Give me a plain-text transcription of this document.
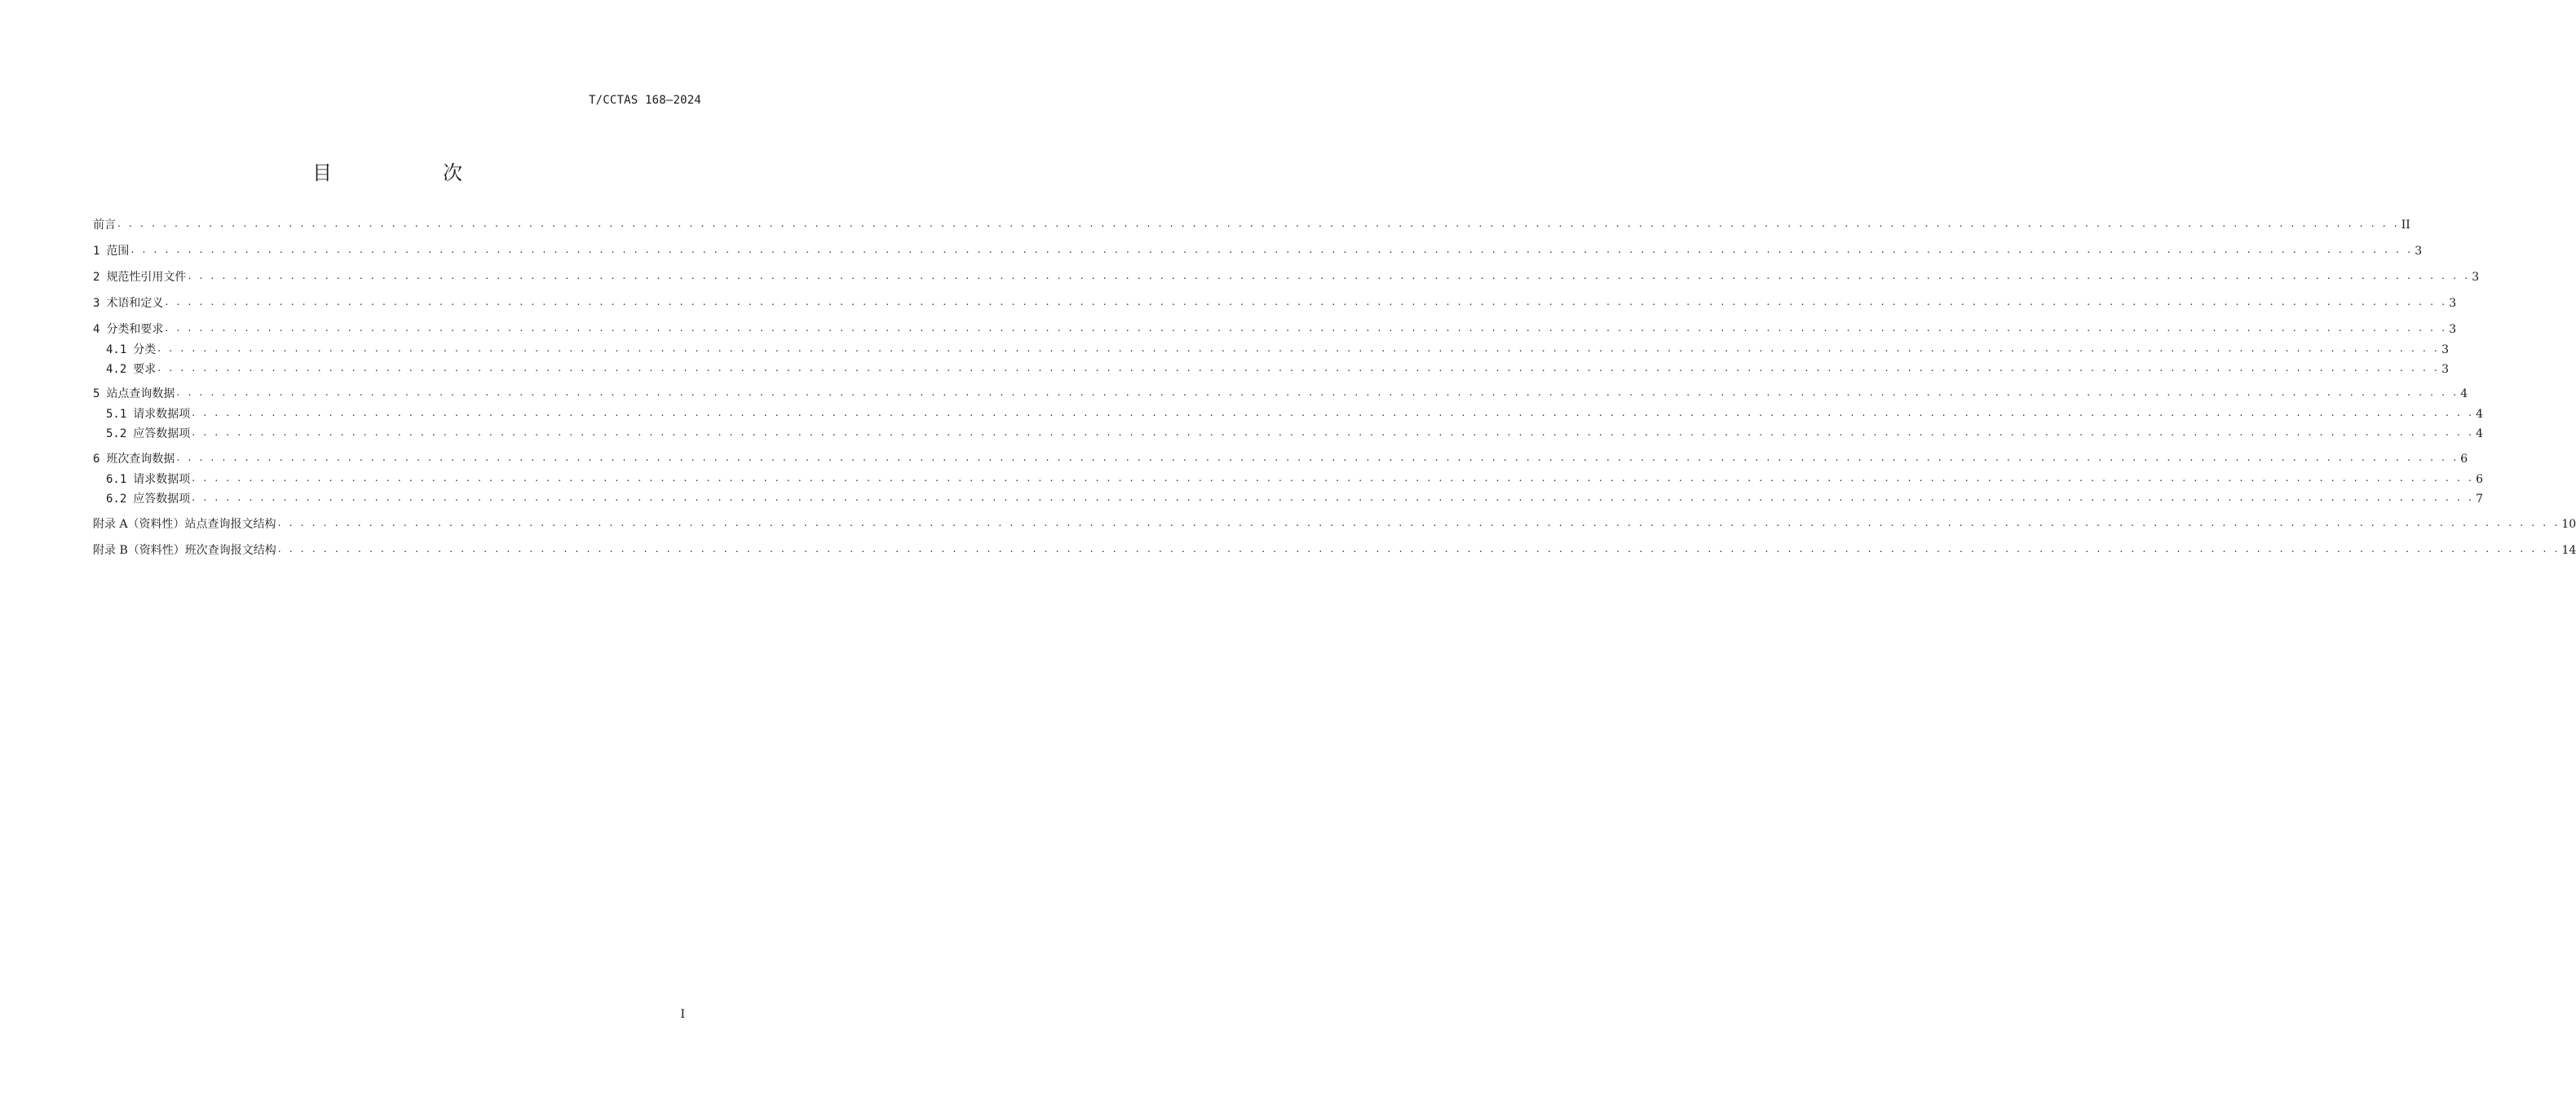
T/CCTAS 168—2024
目　次
前言 . . . . . . . . . . . . . . . . . . . . . . . . . . . . . . . . . . . . . . . . . . . . . . . . . . . . . . . . . . . . . . . . . . . . . . . . . . . . . . . . . . . . . . . . . . . . . . . . . . . . . . . . . . . . . . . . . . . . . . . . . . . . . . . . . . . . . . . . . . . . . . . . . . . . . . . . . . . . . . . . . . . . . . . . . . . . . . . . . . . . . . . . . . . . . . . . . . . . . . . . II
1 范围 . . . . . . . . . . . . . . . . . . . . . . . . . . . . . . . . . . . . . . . . . . . . . . . . . . . . . . . . . . . . . . . . . . . . . . . . . . . . . . . . . . . . . . . . . . . . . . . . . . . . . . . . . . . . . . . . . . . . . . . . . . . . . . . . . . . . . . . . . . . . . . . . . . . . . . . . . . . . . . . . . . . . . . . . . . . . . . . . . . . . . . . . . . . . . . . . . . . . . . . . 3
2 规范性引用文件 . . . . . . . . . . . . . . . . . . . . . . . . . . . . . . . . . . . . . . . . . . . . . . . . . . . . . . . . . . . . . . . . . . . . . . . . . . . . . . . . . . . . . . . . . . . . . . . . . . . . . . . . . . . . . . . . . . . . . . . . . . . . . . . . . . . . . . . . . . . . . . . . . . . . . . . . . . . . . . . . . . . . . . . . . . . . . . . . . . . . . . . . . . . . . . . . . . . . . . . . 3
3 术语和定义 . . . . . . . . . . . . . . . . . . . . . . . . . . . . . . . . . . . . . . . . . . . . . . . . . . . . . . . . . . . . . . . . . . . . . . . . . . . . . . . . . . . . . . . . . . . . . . . . . . . . . . . . . . . . . . . . . . . . . . . . . . . . . . . . . . . . . . . . . . . . . . . . . . . . . . . . . . . . . . . . . . . . . . . . . . . . . . . . . . . . . . . . . . . . . . . . . . . . . . . . 3
4 分类和要求 . . . . . . . . . . . . . . . . . . . . . . . . . . . . . . . . . . . . . . . . . . . . . . . . . . . . . . . . . . . . . . . . . . . . . . . . . . . . . . . . . . . . . . . . . . . . . . . . . . . . . . . . . . . . . . . . . . . . . . . . . . . . . . . . . . . . . . . . . . . . . . . . . . . . . . . . . . . . . . . . . . . . . . . . . . . . . . . . . . . . . . . . . . . . . . . . . . . . . . . . 3
4.1 分类 . . . . . . . . . . . . . . . . . . . . . . . . . . . . . . . . . . . . . . . . . . . . . . . . . . . . . . . . . . . . . . . . . . . . . . . . . . . . . . . . . . . . . . . . . . . . . . . . . . . . . . . . . . . . . . . . . . . . . . . . . . . . . . . . . . . . . . . . . . . . . . . . . . . . . . . . . . . . . . . . . . . . . . . . . . . . . . . . . . . . . . . . . . . . . . . . . . . . . . . . 3
4.2 要求 . . . . . . . . . . . . . . . . . . . . . . . . . . . . . . . . . . . . . . . . . . . . . . . . . . . . . . . . . . . . . . . . . . . . . . . . . . . . . . . . . . . . . . . . . . . . . . . . . . . . . . . . . . . . . . . . . . . . . . . . . . . . . . . . . . . . . . . . . . . . . . . . . . . . . . . . . . . . . . . . . . . . . . . . . . . . . . . . . . . . . . . . . . . . . . . . . . . . . . . . 3
5 站点查询数据 . . . . . . . . . . . . . . . . . . . . . . . . . . . . . . . . . . . . . . . . . . . . . . . . . . . . . . . . . . . . . . . . . . . . . . . . . . . . . . . . . . . . . . . . . . . . . . . . . . . . . . . . . . . . . . . . . . . . . . . . . . . . . . . . . . . . . . . . . . . . . . . . . . . . . . . . . . . . . . . . . . . . . . . . . . . . . . . . . . . . . . . . . . . . . . . . . . . . . . . . 4
5.1 请求数据项 . . . . . . . . . . . . . . . . . . . . . . . . . . . . . . . . . . . . . . . . . . . . . . . . . . . . . . . . . . . . . . . . . . . . . . . . . . . . . . . . . . . . . . . . . . . . . . . . . . . . . . . . . . . . . . . . . . . . . . . . . . . . . . . . . . . . . . . . . . . . . . . . . . . . . . . . . . . . . . . . . . . . . . . . . . . . . . . . . . . . . . . . . . . . . . . . . . . . . . . . 4
5.2 应答数据项 . . . . . . . . . . . . . . . . . . . . . . . . . . . . . . . . . . . . . . . . . . . . . . . . . . . . . . . . . . . . . . . . . . . . . . . . . . . . . . . . . . . . . . . . . . . . . . . . . . . . . . . . . . . . . . . . . . . . . . . . . . . . . . . . . . . . . . . . . . . . . . . . . . . . . . . . . . . . . . . . . . . . . . . . . . . . . . . . . . . . . . . . . . . . . . . . . . . . . . . . 4
6 班次查询数据 . . . . . . . . . . . . . . . . . . . . . . . . . . . . . . . . . . . . . . . . . . . . . . . . . . . . . . . . . . . . . . . . . . . . . . . . . . . . . . . . . . . . . . . . . . . . . . . . . . . . . . . . . . . . . . . . . . . . . . . . . . . . . . . . . . . . . . . . . . . . . . . . . . . . . . . . . . . . . . . . . . . . . . . . . . . . . . . . . . . . . . . . . . . . . . . . . . . . . . . . 6
6.1 请求数据项 . . . . . . . . . . . . . . . . . . . . . . . . . . . . . . . . . . . . . . . . . . . . . . . . . . . . . . . . . . . . . . . . . . . . . . . . . . . . . . . . . . . . . . . . . . . . . . . . . . . . . . . . . . . . . . . . . . . . . . . . . . . . . . . . . . . . . . . . . . . . . . . . . . . . . . . . . . . . . . . . . . . . . . . . . . . . . . . . . . . . . . . . . . . . . . . . . . . . . . . . 6
6.2 应答数据项 . . . . . . . . . . . . . . . . . . . . . . . . . . . . . . . . . . . . . . . . . . . . . . . . . . . . . . . . . . . . . . . . . . . . . . . . . . . . . . . . . . . . . . . . . . . . . . . . . . . . . . . . . . . . . . . . . . . . . . . . . . . . . . . . . . . . . . . . . . . . . . . . . . . . . . . . . . . . . . . . . . . . . . . . . . . . . . . . . . . . . . . . . . . . . . . . . . . . . . . . 7
附录 A（资料性）站点查询报文结构 . . . . . . . . . . . . . . . . . . . . . . . . . . . . . . . . . . . . . . . . . . . . . . . . . . . . . . . . . . . . . . . . . . . . . . . . . . . . . . . . . . . . . . . . . . . . . . . . . . . . . . . . . . . . . . . . . . . . . . . . . . . . . . . . . . . . . . . . . . . . . . . . . . . . . . . . . . . . . . . . . . . . . . . . . . . . . . . . . . . . . . . . . . . . . . . . . . . . . . . . 10
附录 B（资料性）班次查询报文结构 . . . . . . . . . . . . . . . . . . . . . . . . . . . . . . . . . . . . . . . . . . . . . . . . . . . . . . . . . . . . . . . . . . . . . . . . . . . . . . . . . . . . . . . . . . . . . . . . . . . . . . . . . . . . . . . . . . . . . . . . . . . . . . . . . . . . . . . . . . . . . . . . . . . . . . . . . . . . . . . . . . . . . . . . . . . . . . . . . . . . . . . . . . . . . . . . . . . . . . . . 14
I
